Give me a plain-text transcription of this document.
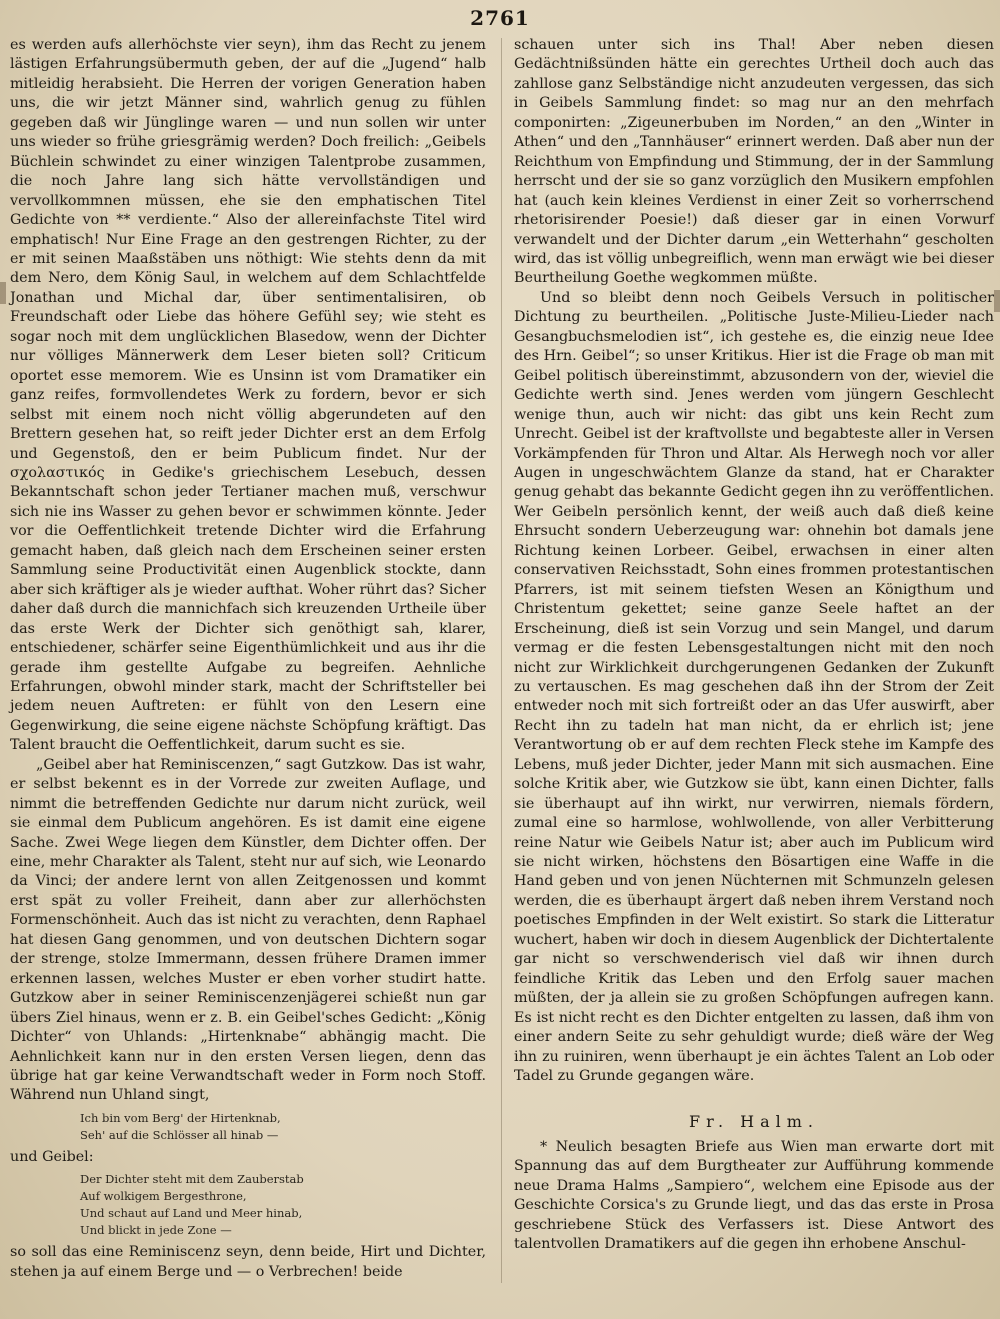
2761

es werden aufs allerhöchste vier seyn), ihm das Recht zu jenem lästigen Erfahrungsübermuth geben, der auf die „Jugend“ halb mitleidig herabsieht. Die Herren der vorigen Generation haben uns, die wir jetzt Männer sind, wahrlich genug zu fühlen gegeben daß wir Jünglinge waren — und nun sollen wir unter uns wieder so frühe griesgrämig werden? Doch freilich: „Geibels Büchlein schwindet zu einer winzigen Talentprobe zusammen, die noch Jahre lang sich hätte vervollständigen und vervollkommnen müssen, ehe sie den emphatischen Titel Gedichte von ** verdiente.“ Also der allereinfachste Titel wird emphatisch! Nur Eine Frage an den gestrengen Richter, zu der er mit seinen Maaßstäben uns nöthigt: Wie stehts denn da mit dem Nero, dem König Saul, in welchem auf dem Schlachtfelde Jonathan und Michal dar, über sentimentalisiren, ob Freundschaft oder Liebe das höhere Gefühl sey; wie steht es sogar noch mit dem unglücklichen Blasedow, wenn der Dichter nur völliges Männerwerk dem Leser bieten soll? Criticum oportet esse memorem. Wie es Unsinn ist vom Dramatiker ein ganz reifes, formvollendetes Werk zu fordern, bevor er sich selbst mit einem noch nicht völlig abgerundeten auf den Brettern gesehen hat, so reift jeder Dichter erst an dem Erfolg und Gegenstoß, den er beim Publicum findet. Nur der σχολαστικός in Gedike's griechischem Lesebuch, dessen Bekanntschaft schon jeder Tertianer machen muß, verschwur sich nie ins Wasser zu gehen bevor er schwimmen könnte. Jeder vor die Oeffentlichkeit tretende Dichter wird die Erfahrung gemacht haben, daß gleich nach dem Erscheinen seiner ersten Sammlung seine Productivität einen Augenblick stockte, dann aber sich kräftiger als je wieder aufthat. Woher rührt das? Sicher daher daß durch die mannichfach sich kreuzenden Urtheile über das erste Werk der Dichter sich genöthigt sah, klarer, entschiedener, schärfer seine Eigenthümlichkeit und aus ihr die gerade ihm gestellte Aufgabe zu begreifen. Aehnliche Erfahrungen, obwohl minder stark, macht der Schriftsteller bei jedem neuen Auftreten: er fühlt von den Lesern eine Gegenwirkung, die seine eigene nächste Schöpfung kräftigt. Das Talent braucht die Oeffentlichkeit, darum sucht es sie.

„Geibel aber hat Reminiscenzen,“ sagt Gutzkow. Das ist wahr, er selbst bekennt es in der Vorrede zur zweiten Auflage, und nimmt die betreffenden Gedichte nur darum nicht zurück, weil sie einmal dem Publicum angehören. Es ist damit eine eigene Sache. Zwei Wege liegen dem Künstler, dem Dichter offen. Der eine, mehr Charakter als Talent, steht nur auf sich, wie Leonardo da Vinci; der andere lernt von allen Zeitgenossen und kommt erst spät zu voller Freiheit, dann aber zur allerhöchsten Formenschönheit. Auch das ist nicht zu verachten, denn Raphael hat diesen Gang genommen, und von deutschen Dichtern sogar der strenge, stolze Immermann, dessen frühere Dramen immer erkennen lassen, welches Muster er eben vorher studirt hatte. Gutzkow aber in seiner Reminiscenzenjägerei schießt nun gar übers Ziel hinaus, wenn er z. B. ein Geibel'sches Gedicht: „König Dichter“ von Uhlands: „Hirtenknabe“ abhängig macht. Die Aehnlichkeit kann nur in den ersten Versen liegen, denn das übrige hat gar keine Verwandtschaft weder in Form noch Stoff. Während nun Uhland singt,

Ich bin vom Berg' der Hirtenknab,
Seh' auf die Schlösser all hinab —

und Geibel:

Der Dichter steht mit dem Zauberstab
Auf wolkigem Bergesthrone,
Und schaut auf Land und Meer hinab,
Und blickt in jede Zone —

so soll das eine Reminiscenz seyn, denn beide, Hirt und Dichter, stehen ja auf einem Berge und — o Verbrechen! beide

schauen unter sich ins Thal! Aber neben diesen Gedächtnißsünden hätte ein gerechtes Urtheil doch auch das zahllose ganz Selbständige nicht anzudeuten vergessen, das sich in Geibels Sammlung findet: so mag nur an den mehrfach componirten: „Zigeunerbuben im Norden,“ an den „Winter in Athen“ und den „Tannhäuser“ erinnert werden. Daß aber nun der Reichthum von Empfindung und Stimmung, der in der Sammlung herrscht und der sie so ganz vorzüglich den Musikern empfohlen hat (auch kein kleines Verdienst in einer Zeit so vorherrschend rhetorisirender Poesie!) daß dieser gar in einen Vorwurf verwandelt und der Dichter darum „ein Wetterhahn“ gescholten wird, das ist völlig unbegreiflich, wenn man erwägt wie bei dieser Beurtheilung Goethe wegkommen müßte.

Und so bleibt denn noch Geibels Versuch in politischer Dichtung zu beurtheilen. „Politische Juste-Milieu-Lieder nach Gesangbuchsmelodien ist“, ich gestehe es, die einzig neue Idee des Hrn. Geibel“; so unser Kritikus. Hier ist die Frage ob man mit Geibel politisch übereinstimmt, abzusondern von der, wieviel die Gedichte werth sind. Jenes werden vom jüngern Geschlecht wenige thun, auch wir nicht: das gibt uns kein Recht zum Unrecht. Geibel ist der kraftvollste und begabteste aller in Versen Vorkämpfenden für Thron und Altar. Als Herwegh noch vor aller Augen in ungeschwächtem Glanze da stand, hat er Charakter genug gehabt das bekannte Gedicht gegen ihn zu veröffentlichen. Wer Geibeln persönlich kennt, der weiß auch daß dieß keine Ehrsucht sondern Ueberzeugung war: ohnehin bot damals jene Richtung keinen Lorbeer. Geibel, erwachsen in einer alten conservativen Reichsstadt, Sohn eines frommen protestantischen Pfarrers, ist mit seinem tiefsten Wesen an Königthum und Christentum gekettet; seine ganze Seele haftet an der Erscheinung, dieß ist sein Vorzug und sein Mangel, und darum vermag er die festen Lebensgestaltungen nicht mit den noch nicht zur Wirklichkeit durchgerungenen Gedanken der Zukunft zu vertauschen. Es mag geschehen daß ihn der Strom der Zeit entweder noch mit sich fortreißt oder an das Ufer auswirft, aber Recht ihn zu tadeln hat man nicht, da er ehrlich ist; jene Verantwortung ob er auf dem rechten Fleck stehe im Kampfe des Lebens, muß jeder Dichter, jeder Mann mit sich ausmachen. Eine solche Kritik aber, wie Gutzkow sie übt, kann einen Dichter, falls sie überhaupt auf ihn wirkt, nur verwirren, niemals fördern, zumal eine so harmlose, wohlwollende, von aller Verbitterung reine Natur wie Geibels Natur ist; aber auch im Publicum wird sie nicht wirken, höchstens den Bösartigen eine Waffe in die Hand geben und von jenen Nüchternen mit Schmunzeln gelesen werden, die es überhaupt ärgert daß neben ihrem Verstand noch poetisches Empfinden in der Welt existirt. So stark die Litteratur wuchert, haben wir doch in diesem Augenblick der Dichtertalente gar nicht so verschwenderisch viel daß wir ihnen durch feindliche Kritik das Leben und den Erfolg sauer machen müßten, der ja allein sie zu großen Schöpfungen aufregen kann. Es ist nicht recht es den Dichter entgelten zu lassen, daß ihm von einer andern Seite zu sehr gehuldigt wurde; dieß wäre der Weg ihn zu ruiniren, wenn überhaupt je ein ächtes Talent an Lob oder Tadel zu Grunde gegangen wäre.

Fr. Halm.

* Neulich besagten Briefe aus Wien man erwarte dort mit Spannung das auf dem Burgtheater zur Aufführung kommende neue Drama Halms „Sampiero“, welchem eine Episode aus der Geschichte Corsica's zu Grunde liegt, und das das erste in Prosa geschriebene Stück des Verfassers ist. Diese Antwort des talentvollen Dramatikers auf die gegen ihn erhobene Anschul-
